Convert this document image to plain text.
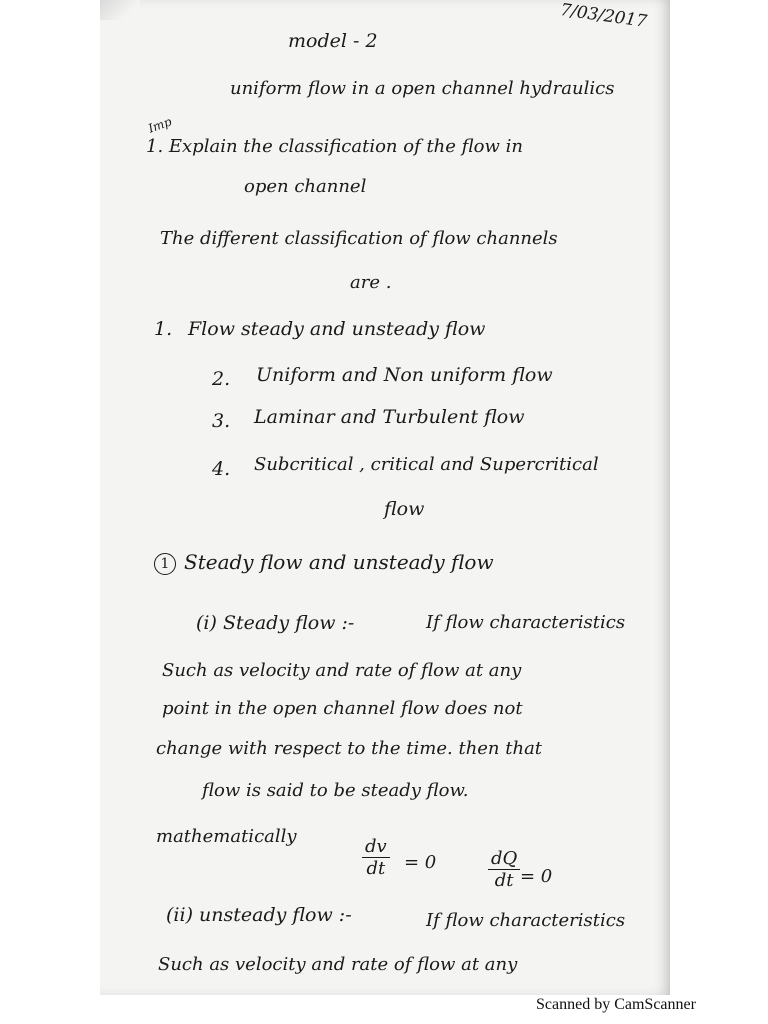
7/03/2017
model - 2
uniform flow in a open channel hydraulics
Imp
1. Explain the classification of the flow in
open channel
The different classification of flow channels
are .
1. Flow steady and unsteady flow
2. Uniform and Non uniform flow
3. Laminar and Turbulent flow
4. Subcritical , critical and Supercritical
flow
1 Steady flow and unsteady flow
(i) Steady flow :-	If flow characteristics
Such as velocity and rate of flow at any
point in the open channel flow does not
change with respect to the time. then that
flow is said to be steady flow.
mathematically	$\frac{dv}{dt} = 0$	$\frac{dQ}{dt} = 0$
(ii) unsteady flow :-	If flow characteristics
Such as velocity and rate of flow at any
Scanned by CamScanner
